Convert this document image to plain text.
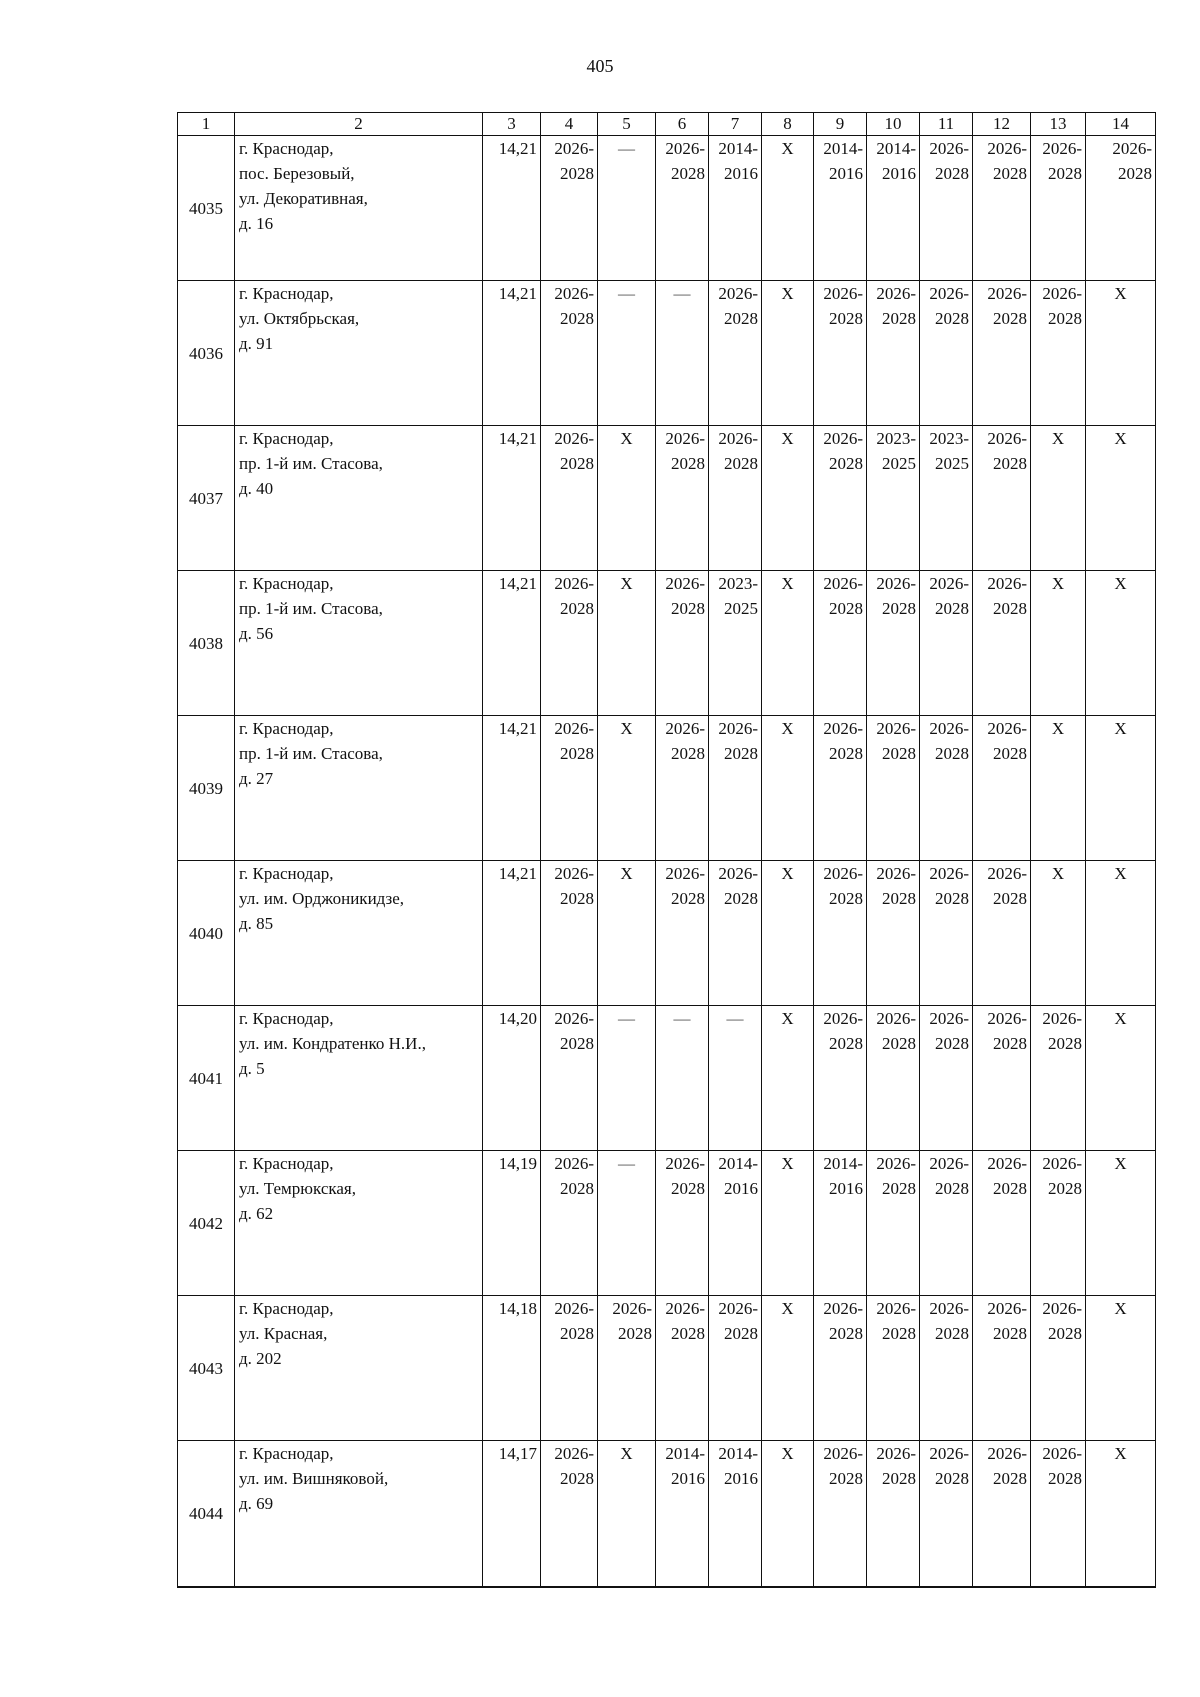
405
1	2	3	4	5	6	7	8	9	10	11	12	13	14
4035	г. Краснодар,
пос. Березовый,
ул. Декоративная,
д. 16	14,21	2026-
2028	—	2026-
2028	2014-
2016	Х	2014-
2016	2014-
2016	2026-
2028	2026-
2028	2026-
2028	2026-
2028

4036	г. Краснодар,
ул. Октябрьская,
д. 91	14,21	2026-
2028	—	—	2026-
2028	Х	2026-
2028	2026-
2028	2026-
2028	2026-
2028	2026-
2028	Х
4037	г. Краснодар,
пр. 1-й им. Стасова,
д. 40	14,21	2026-
2028	Х	2026-
2028	2026-
2028	Х	2026-
2028	2023-
2025	2023-
2025	2026-
2028	Х	Х
4038	г. Краснодар,
пр. 1-й им. Стасова,
д. 56	14,21	2026-
2028	Х	2026-
2028	2023-
2025	Х	2026-
2028	2026-
2028	2026-
2028	2026-
2028	Х	Х
4039	г. Краснодар,
пр. 1-й им. Стасова,
д. 27	14,21	2026-
2028	Х	2026-
2028	2026-
2028	Х	2026-
2028	2026-
2028	2026-
2028	2026-
2028	Х	Х
4040	г. Краснодар,
ул. им. Орджоникидзе,
д. 85	14,21	2026-
2028	Х	2026-
2028	2026-
2028	Х	2026-
2028	2026-
2028	2026-
2028	2026-
2028	Х	Х
4041	г. Краснодар,
ул. им. Кондратенко Н.И.,
д. 5	14,20	2026-
2028	—	—	—	Х	2026-
2028	2026-
2028	2026-
2028	2026-
2028	2026-
2028	Х
4042	г. Краснодар,
ул. Темрюкская,
д. 62	14,19	2026-
2028	—	2026-
2028	2014-
2016	Х	2014-
2016	2026-
2028	2026-
2028	2026-
2028	2026-
2028	Х
4043	г. Краснодар,
ул. Красная,
д. 202	14,18	2026-
2028	2026-
2028	2026-
2028	2026-
2028	Х	2026-
2028	2026-
2028	2026-
2028	2026-
2028	2026-
2028	Х
4044	г. Краснодар,
ул. им. Вишняковой,
д. 69	14,17	2026-
2028	Х	2014-
2016	2014-
2016	Х	2026-
2028	2026-
2028	2026-
2028	2026-
2028	2026-
2028	Х
